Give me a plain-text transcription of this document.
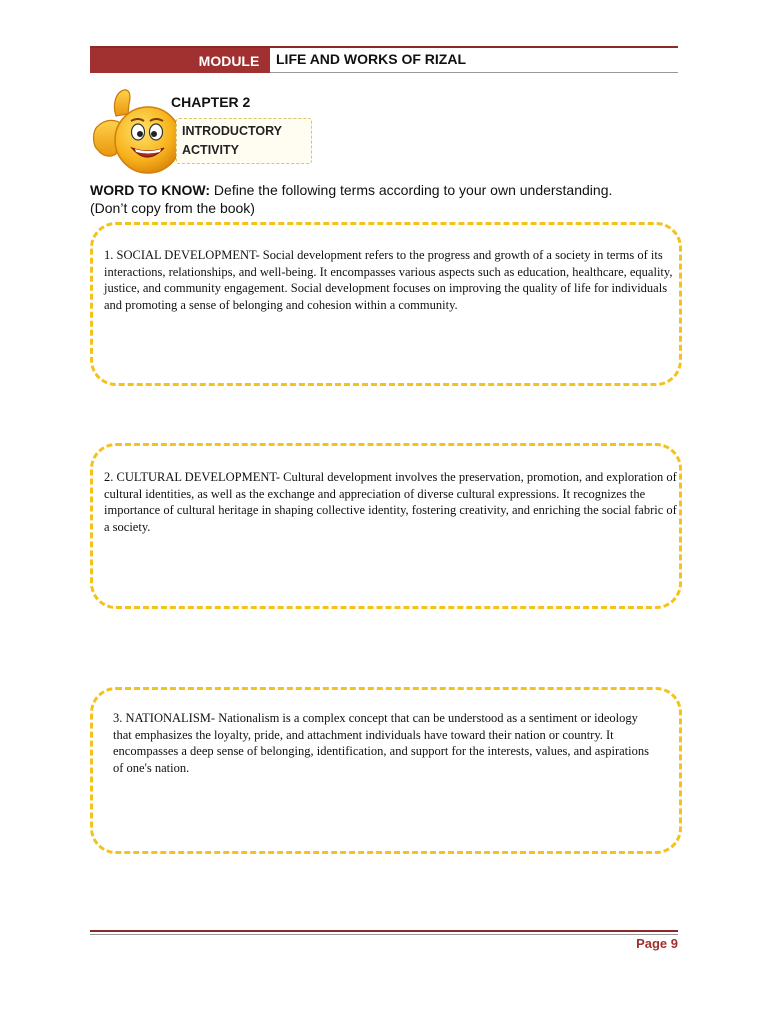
MODULE	LIFE AND WORKS OF RIZAL
CHAPTER 2
INTRODUCTORY
ACTIVITY
WORD TO KNOW: Define the following terms according to your own understanding.
(Don’t copy from the book)
1. SOCIAL DEVELOPMENT- Social development refers to the progress and growth of a society in terms of its interactions, relationships, and well-being. It encompasses various aspects such as education, healthcare, equality, justice, and community engagement. Social development focuses on improving the quality of life for individuals and promoting a sense of belonging and cohesion within a community.
2. CULTURAL DEVELOPMENT- Cultural development involves the preservation, promotion, and exploration of cultural identities, as well as the exchange and appreciation of diverse cultural expressions. It recognizes the importance of cultural heritage in shaping collective identity, fostering creativity, and enriching the social fabric of a society.
3. NATIONALISM- Nationalism is a complex concept that can be understood as a sentiment or ideology that emphasizes the loyalty, pride, and attachment individuals have toward their nation or country. It encompasses a deep sense of belonging, identification, and support for the interests, values, and aspirations of one's nation.
Page 9
